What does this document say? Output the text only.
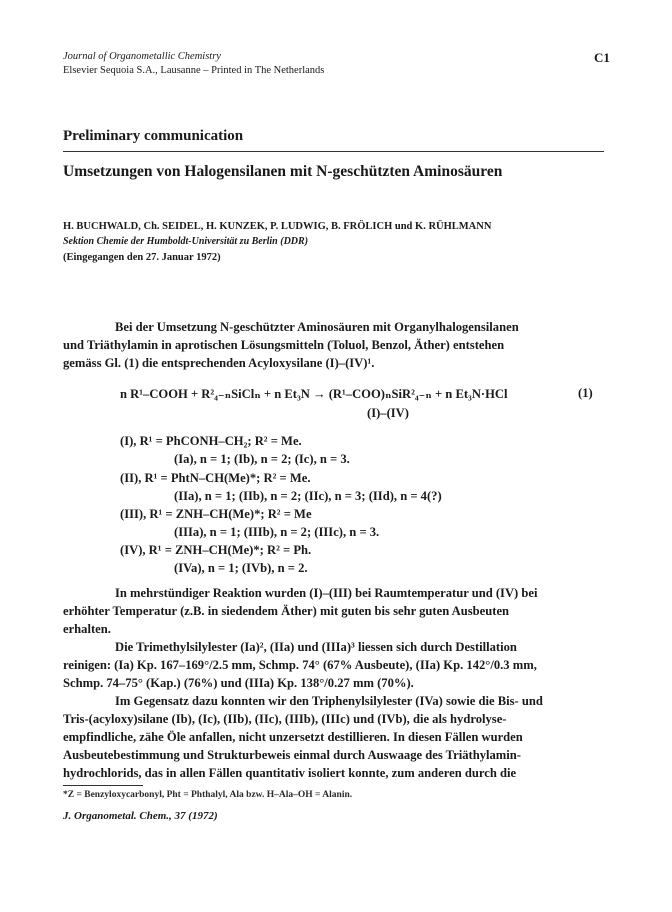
Journal of Organometallic Chemistry
Elsevier Sequoia S.A., Lausanne – Printed in The Netherlands
C1
Preliminary communication
Umsetzungen von Halogensilanen mit N-geschützten Aminosäuren
H. BUCHWALD, Ch. SEIDEL, H. KUNZEK, P. LUDWIG, B. FRÖLICH und K. RÜHLMANN
Sektion Chemie der Humboldt-Universität zu Berlin (DDR)
(Eingegangen den 27. Januar 1972)
Bei der Umsetzung N-geschützter Aminosäuren mit Organylhalogensilanen
und Triäthylamin in aprotischen Lösungsmitteln (Toluol, Benzol, Äther) entstehen
gemäss Gl. (1) die entsprechenden Acyloxysilane (I)–(IV)¹.
n R¹–COOH + R²₄₋ₙSiClₙ + n Et₃N → (R¹–COO)ₙSiR²₄₋ₙ + n Et₃N·HCl	(1)
(I)–(IV)
(I), R¹ = PhCONH–CH₂; R² = Me.
(Ia), n = 1; (Ib), n = 2; (Ic), n = 3.
(II), R¹ = PhtN–CH(Me)*; R² = Me.
(IIa), n = 1; (IIb), n = 2; (IIc), n = 3; (IId), n = 4(?)
(III), R¹ = ZNH–CH(Me)*; R² = Me
(IIIa), n = 1; (IIIb), n = 2; (IIIc), n = 3.
(IV), R¹ = ZNH–CH(Me)*; R² = Ph.
(IVa), n = 1; (IVb), n = 2.
In mehrstündiger Reaktion wurden (I)–(III) bei Raumtemperatur und (IV) bei
erhöhter Temperatur (z.B. in siedendem Äther) mit guten bis sehr guten Ausbeuten
erhalten.
Die Trimethylsilylester (Ia)², (IIa) und (IIIa)³ liessen sich durch Destillation
reinigen: (Ia) Kp. 167–169°/2.5 mm, Schmp. 74° (67% Ausbeute), (IIa) Kp. 142°/0.3 mm,
Schmp. 74–75° (Kap.) (76%) und (IIIa) Kp. 138°/0.27 mm (70%).
Im Gegensatz dazu konnten wir den Triphenylsilylester (IVa) sowie die Bis- und
Tris-(acyloxy)silane (Ib), (Ic), (IIb), (IIc), (IIIb), (IIIc) und (IVb), die als hydrolyse-
empfindliche, zähe Öle anfallen, nicht unzersetzt destillieren. In diesen Fällen wurden
Ausbeutebestimmung und Strukturbeweis einmal durch Auswaage des Triäthylamin-
hydrochlorids, das in allen Fällen quantitativ isoliert konnte, zum anderen durch die
*Z = Benzyloxycarbonyl, Pht = Phthalyl, Ala bzw. H–Ala–OH = Alanin.
J. Organometal. Chem., 37 (1972)
